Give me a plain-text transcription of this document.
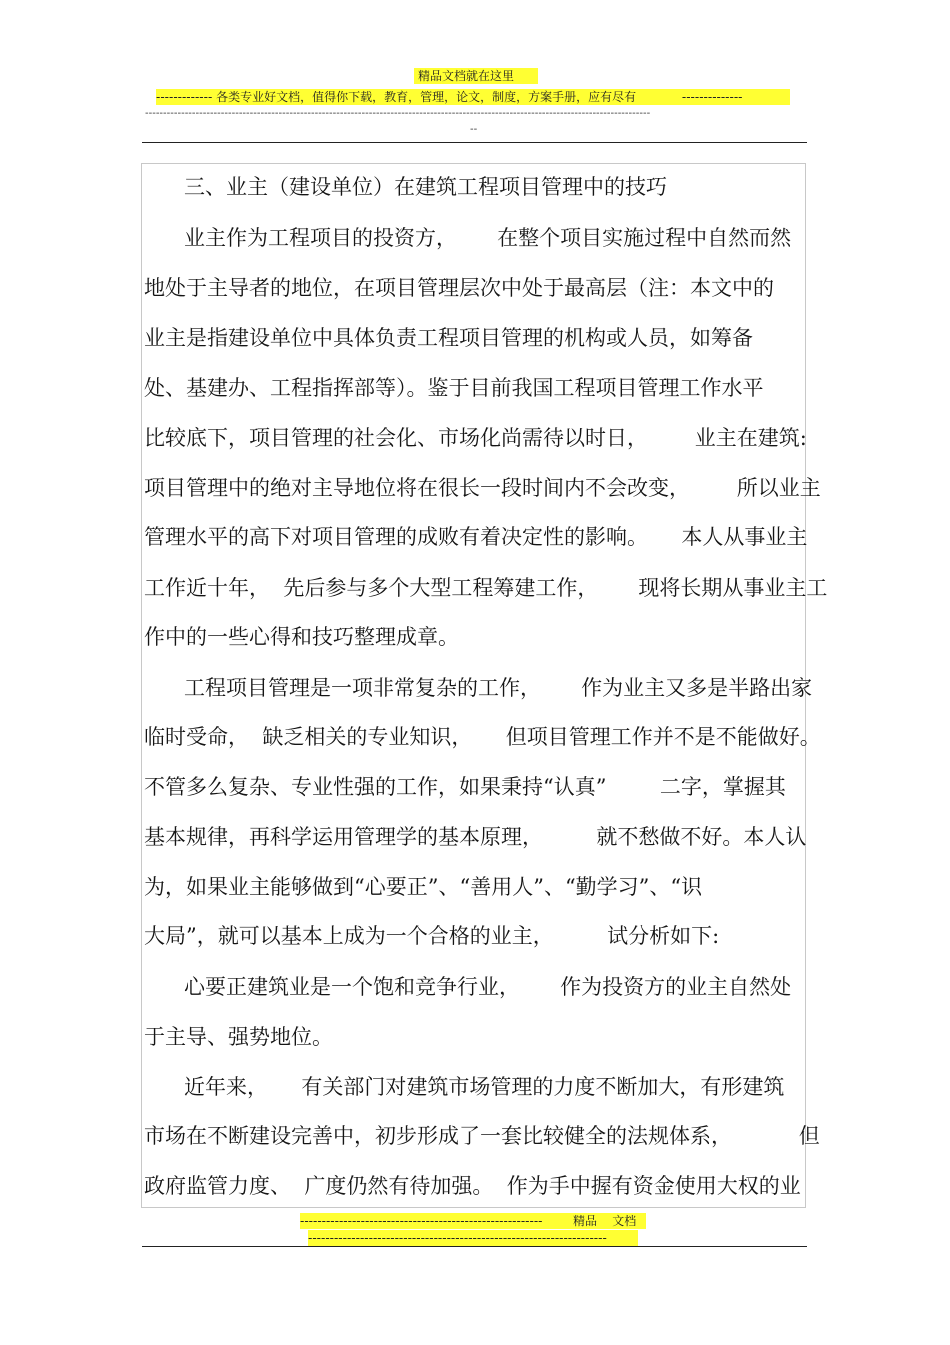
精品文档就在这里
------------- 各类专业好文档，值得你下载，教育，管理，论文，制度，方案手册，应有尽有            --------------
--------------------------------------------------------------------------------------------------------------------------------------------
--
三、业主（建设单位）在建筑工程项目管理中的技巧
业主作为工程项目的投资方，      在整个项目实施过程中自然而然
地处于主导者的地位，在项目管理层次中处于最高层（注：本文中的
业主是指建设单位中具体负责工程项目管理的机构或人员，如筹备
处、基建办、工程指挥部等）。鉴于目前我国工程项目管理工作水平
比较底下，项目管理的社会化、市场化尚需待以时日，       业主在建筑:
项目管理中的绝对主导地位将在很长一段时间内不会改变，       所以业主
管理水平的高下对项目管理的成败有着决定性的影响。     本人从事业主
工作近十年，  先后参与多个大型工程筹建工作，      现将长期从事业主工
作中的一些心得和技巧整理成章。
工程项目管理是一项非常复杂的工作，      作为业主又多是半路出家
临时受命，  缺乏相关的专业知识，     但项目管理工作并不是不能做好。
不管多么复杂、专业性强的工作，如果秉持“认真”        二字，掌握其
基本规律，再科学运用管理学的基本原理，        就不愁做不好。本人认
为，如果业主能够做到“心要正”、“善用人”、“勤学习”、“识
大局”，就可以基本上成为一个合格的业主，        试分析如下:
心要正建筑业是一个饱和竞争行业，      作为投资方的业主自然处
于主导、强势地位。
近年来，     有关部门对建筑市场管理的力度不断加大，有形建筑
市场在不断建设完善中，初步形成了一套比较健全的法规体系，          但
政府监管力度、  广度仍然有待加强。  作为手中握有资金使用大权的业
--------------------------------------------------------        精品    文档
---------------------------------------------------------------------
